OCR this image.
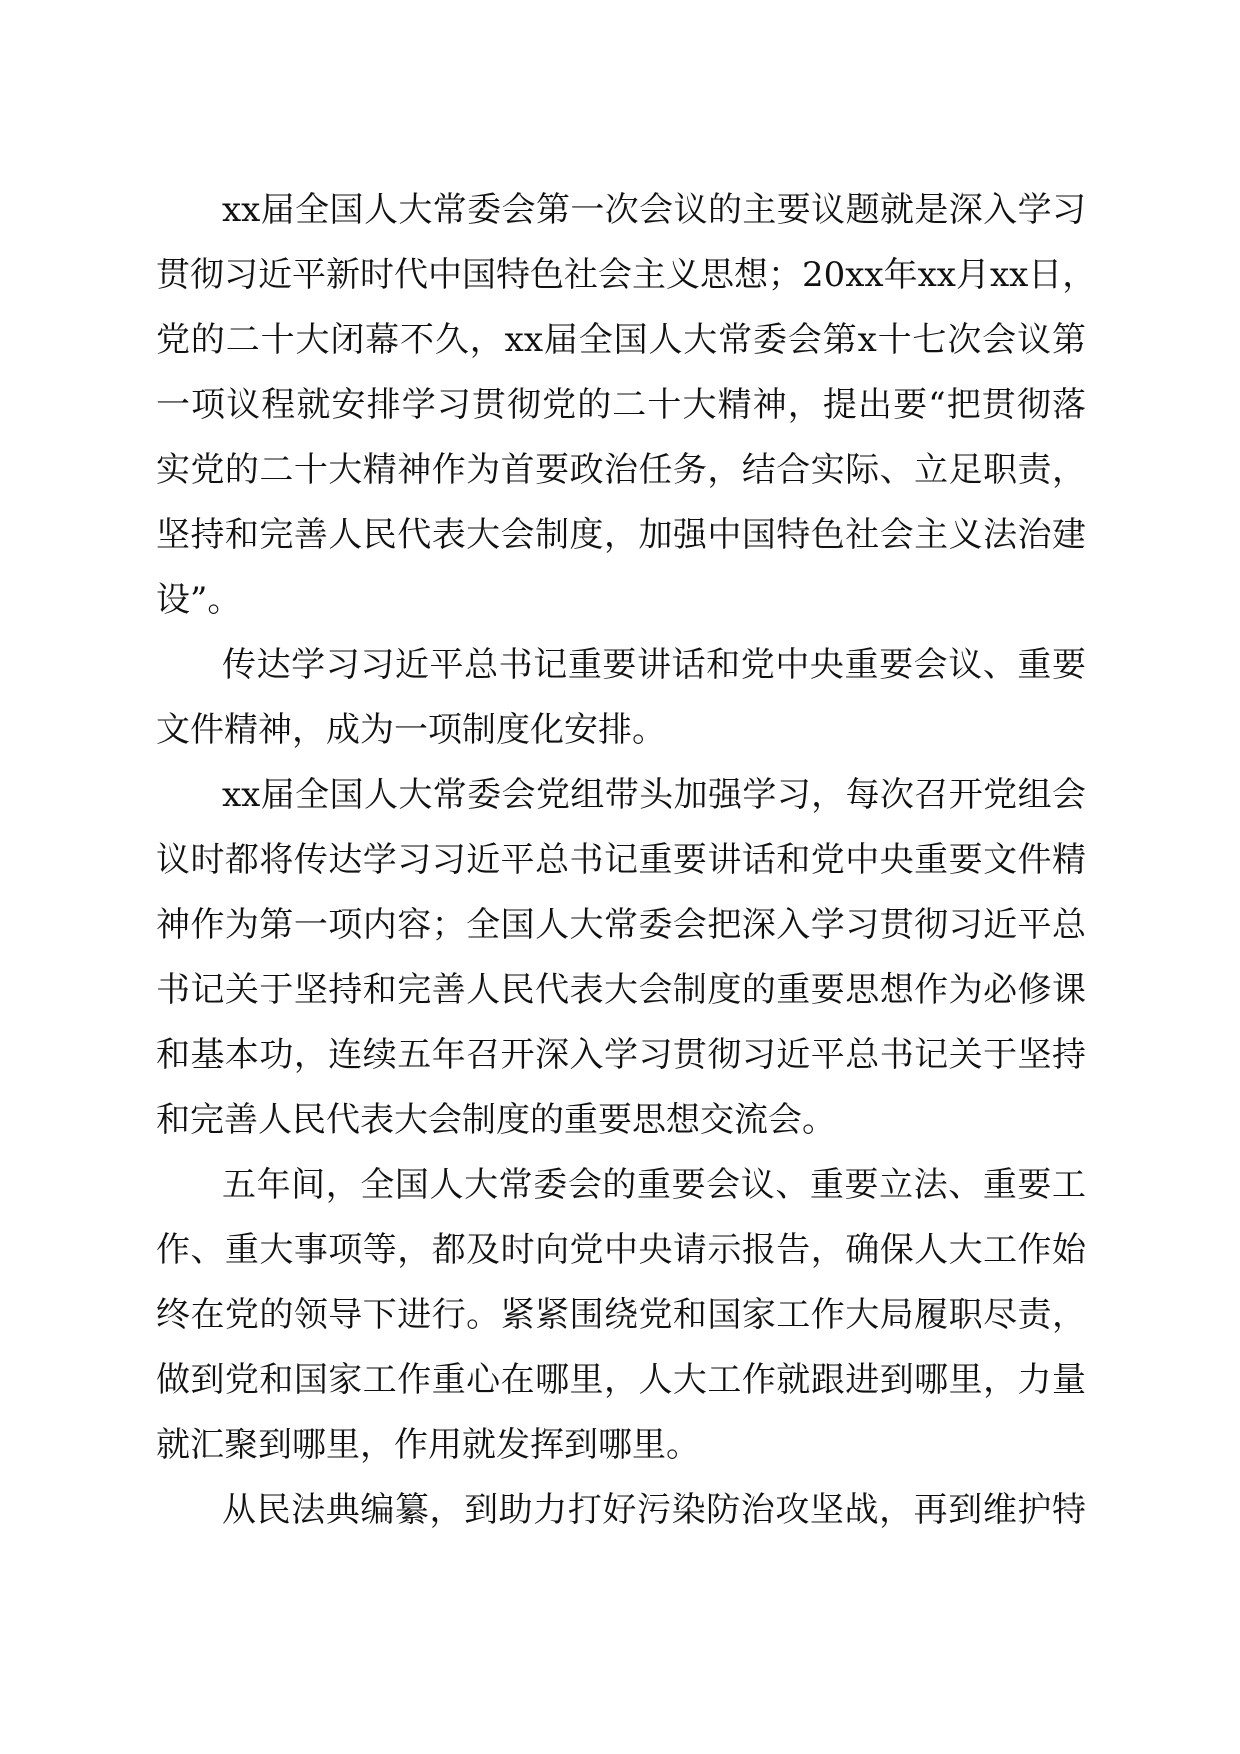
xx届全国人大常委会第一次会议的主要议题就是深入学习
贯彻习近平新时代中国特色社会主义思想；20xx年xx月xx日，
党的二十大闭幕不久，xx届全国人大常委会第x十七次会议第
一项议程就安排学习贯彻党的二十大精神，提出要“把贯彻落
实党的二十大精神作为首要政治任务，结合实际、立足职责，
坚持和完善人民代表大会制度，加强中国特色社会主义法治建
设”。
传达学习习近平总书记重要讲话和党中央重要会议、重要
文件精神，成为一项制度化安排。
xx届全国人大常委会党组带头加强学习，每次召开党组会
议时都将传达学习习近平总书记重要讲话和党中央重要文件精
神作为第一项内容；全国人大常委会把深入学习贯彻习近平总
书记关于坚持和完善人民代表大会制度的重要思想作为必修课
和基本功，连续五年召开深入学习贯彻习近平总书记关于坚持
和完善人民代表大会制度的重要思想交流会。
五年间，全国人大常委会的重要会议、重要立法、重要工
作、重大事项等，都及时向党中央请示报告，确保人大工作始
终在党的领导下进行。紧紧围绕党和国家工作大局履职尽责，
做到党和国家工作重心在哪里，人大工作就跟进到哪里，力量
就汇聚到哪里，作用就发挥到哪里。
从民法典编纂，到助力打好污染防治攻坚战，再到维护特
